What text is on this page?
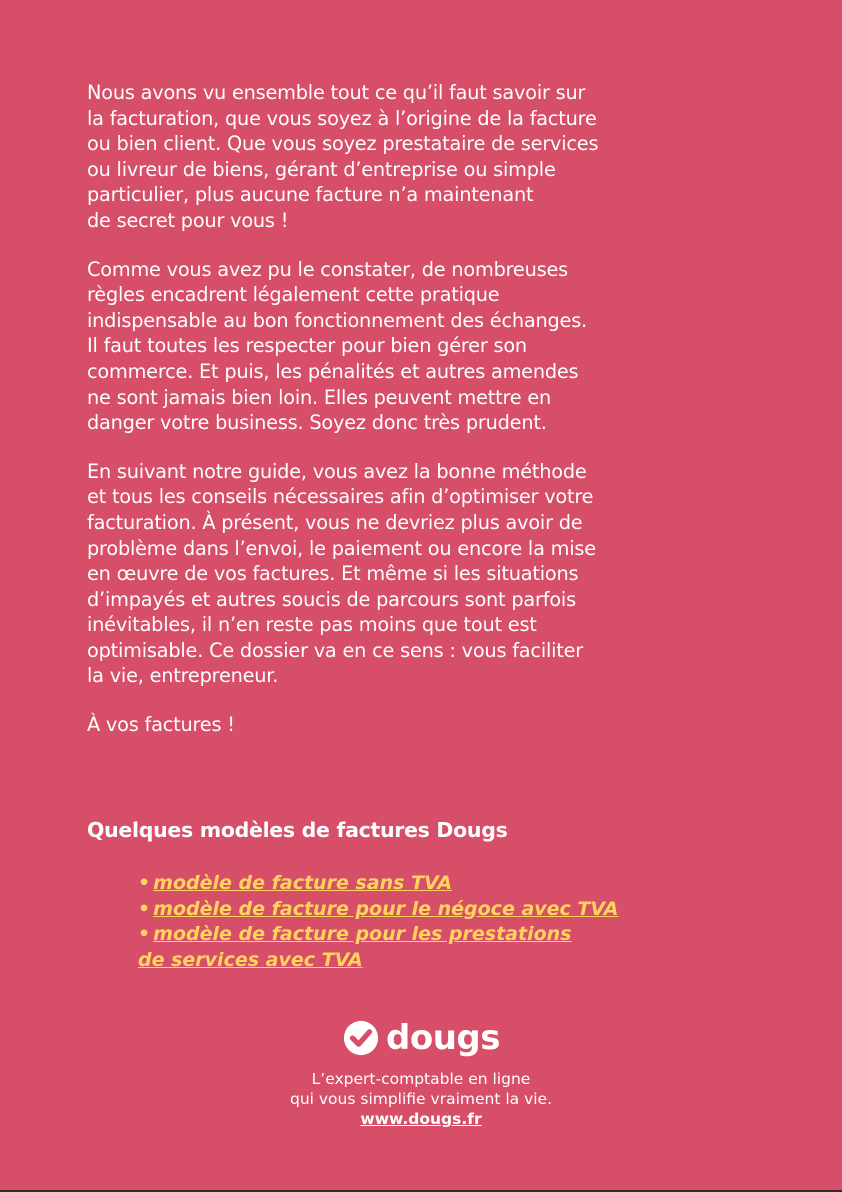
Nous avons vu ensemble tout ce qu’il faut savoir sur
la facturation, que vous soyez à l’origine de la facture
ou bien client. Que vous soyez prestataire de services
ou livreur de biens, gérant d’entreprise ou simple
particulier, plus aucune facture n’a maintenant
de secret pour vous !

Comme vous avez pu le constater, de nombreuses
règles encadrent légalement cette pratique
indispensable au bon fonctionnement des échanges.
Il faut toutes les respecter pour bien gérer son
commerce. Et puis, les pénalités et autres amendes
ne sont jamais bien loin. Elles peuvent mettre en
danger votre business. Soyez donc très prudent.

En suivant notre guide, vous avez la bonne méthode
et tous les conseils nécessaires afin d’optimiser votre
facturation. À présent, vous ne devriez plus avoir de
problème dans l’envoi, le paiement ou encore la mise
en œuvre de vos factures. Et même si les situations
d’impayés et autres soucis de parcours sont parfois
inévitables, il n’en reste pas moins que tout est
optimisable. Ce dossier va en ce sens : vous faciliter
la vie, entrepreneur.

À vos factures !

Quelques modèles de factures Dougs
• modèle de facture sans TVA
• modèle de facture pour le négoce avec TVA
• modèle de facture pour les prestations
de services avec TVA
dougs
L’expert-comptable en ligne
qui vous simplifie vraiment la vie.
www.dougs.fr
